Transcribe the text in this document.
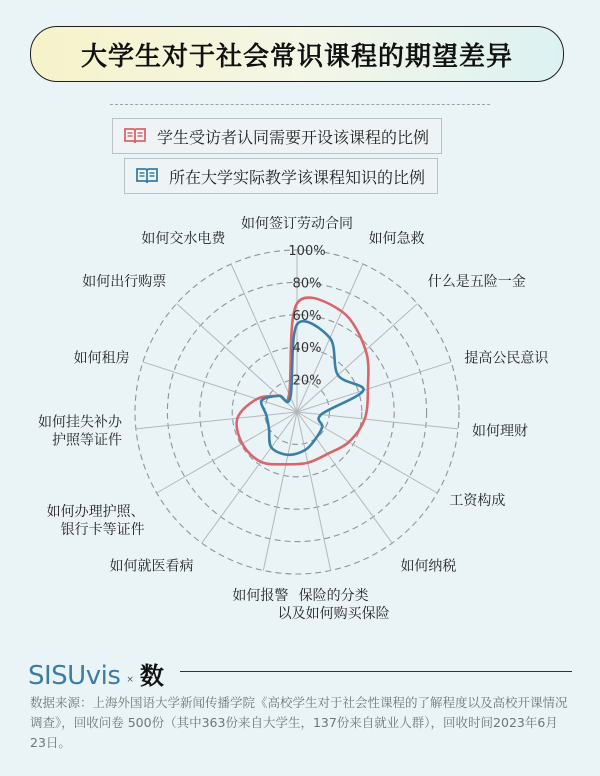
大学生对于社会常识课程的期望差异
学生受访者认同需要开设该课程的比例
所在大学实际教学该课程知识的比例
20%
40%
60%
80%
100%
如何签订劳动合同
如何急救
什么是五险一金
提高公民意识
如何理财
工资构成
如何纳税
保险的分类以及如何购买保险
如何报警
如何就医看病
如何办理护照、银行卡等证件
如何挂失补办护照等证件
如何租房
如何出行购票
如何交水电费
SISUvis × 数
数据来源：上海外国语大学新闻传播学院《高校学生对于社会性课程的了解程度以及高校开课情况调查》，回收问卷 500份（其中363份来自大学生，137份来自就业人群），回收时间2023年6月23日。
